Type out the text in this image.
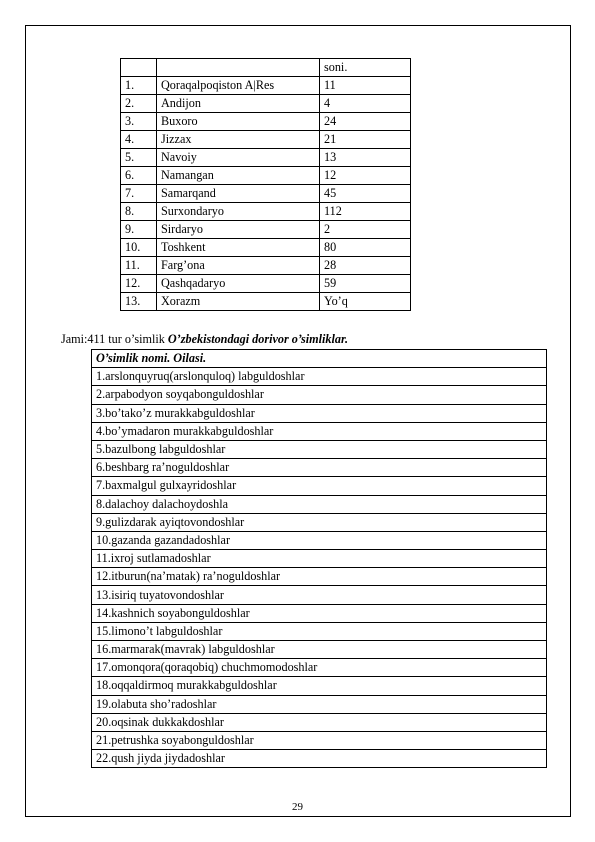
		soni.
1.	Qoraqalpoqiston A|Res	11
2.	Andijon	4
3.	Buxoro	24
4.	Jizzax	21
5.	Navoiy	13
6.	Namangan	12
7.	Samarqand	45
8.	Surxondaryo	112
9.	Sirdaryo	2
10.	Toshkent	80
11.	Farg’ona	28
12.	Qashqadaryo	59
13.	Xorazm	Yo’q
Jami:411 tur o’simlik O’zbekistondagi dorivor o’simliklar.
O’simlik nomi. Oilasi.
1.arslonquyruq(arslonquloq) labguldoshlar
2.arpabodyon soyqabonguldoshlar
3.bo’tako’z murakkabguldoshlar
4.bo’ymadaron murakkabguldoshlar
5.bazulbong labguldoshlar
6.beshbarg ra’noguldoshlar
7.baxmalgul gulxayridoshlar
8.dalachoy dalachoydoshla
9.gulizdarak ayiqtovondoshlar
10.gazanda gazandadoshlar
11.ixroj sutlamadoshlar
12.itburun(na’matak) ra’noguldoshlar
13.isiriq tuyatovondoshlar
14.kashnich soyabonguldoshlar
15.limono’t labguldoshlar
16.marmarak(mavrak) labguldoshlar
17.omonqora(qoraqobiq) chuchmomodoshlar
18.oqqaldirmoq murakkabguldoshlar
19.olabuta sho’radoshlar
20.oqsinak dukkakdoshlar
21.petrushka soyabonguldoshlar
22.qush jiyda jiydadoshlar
29
